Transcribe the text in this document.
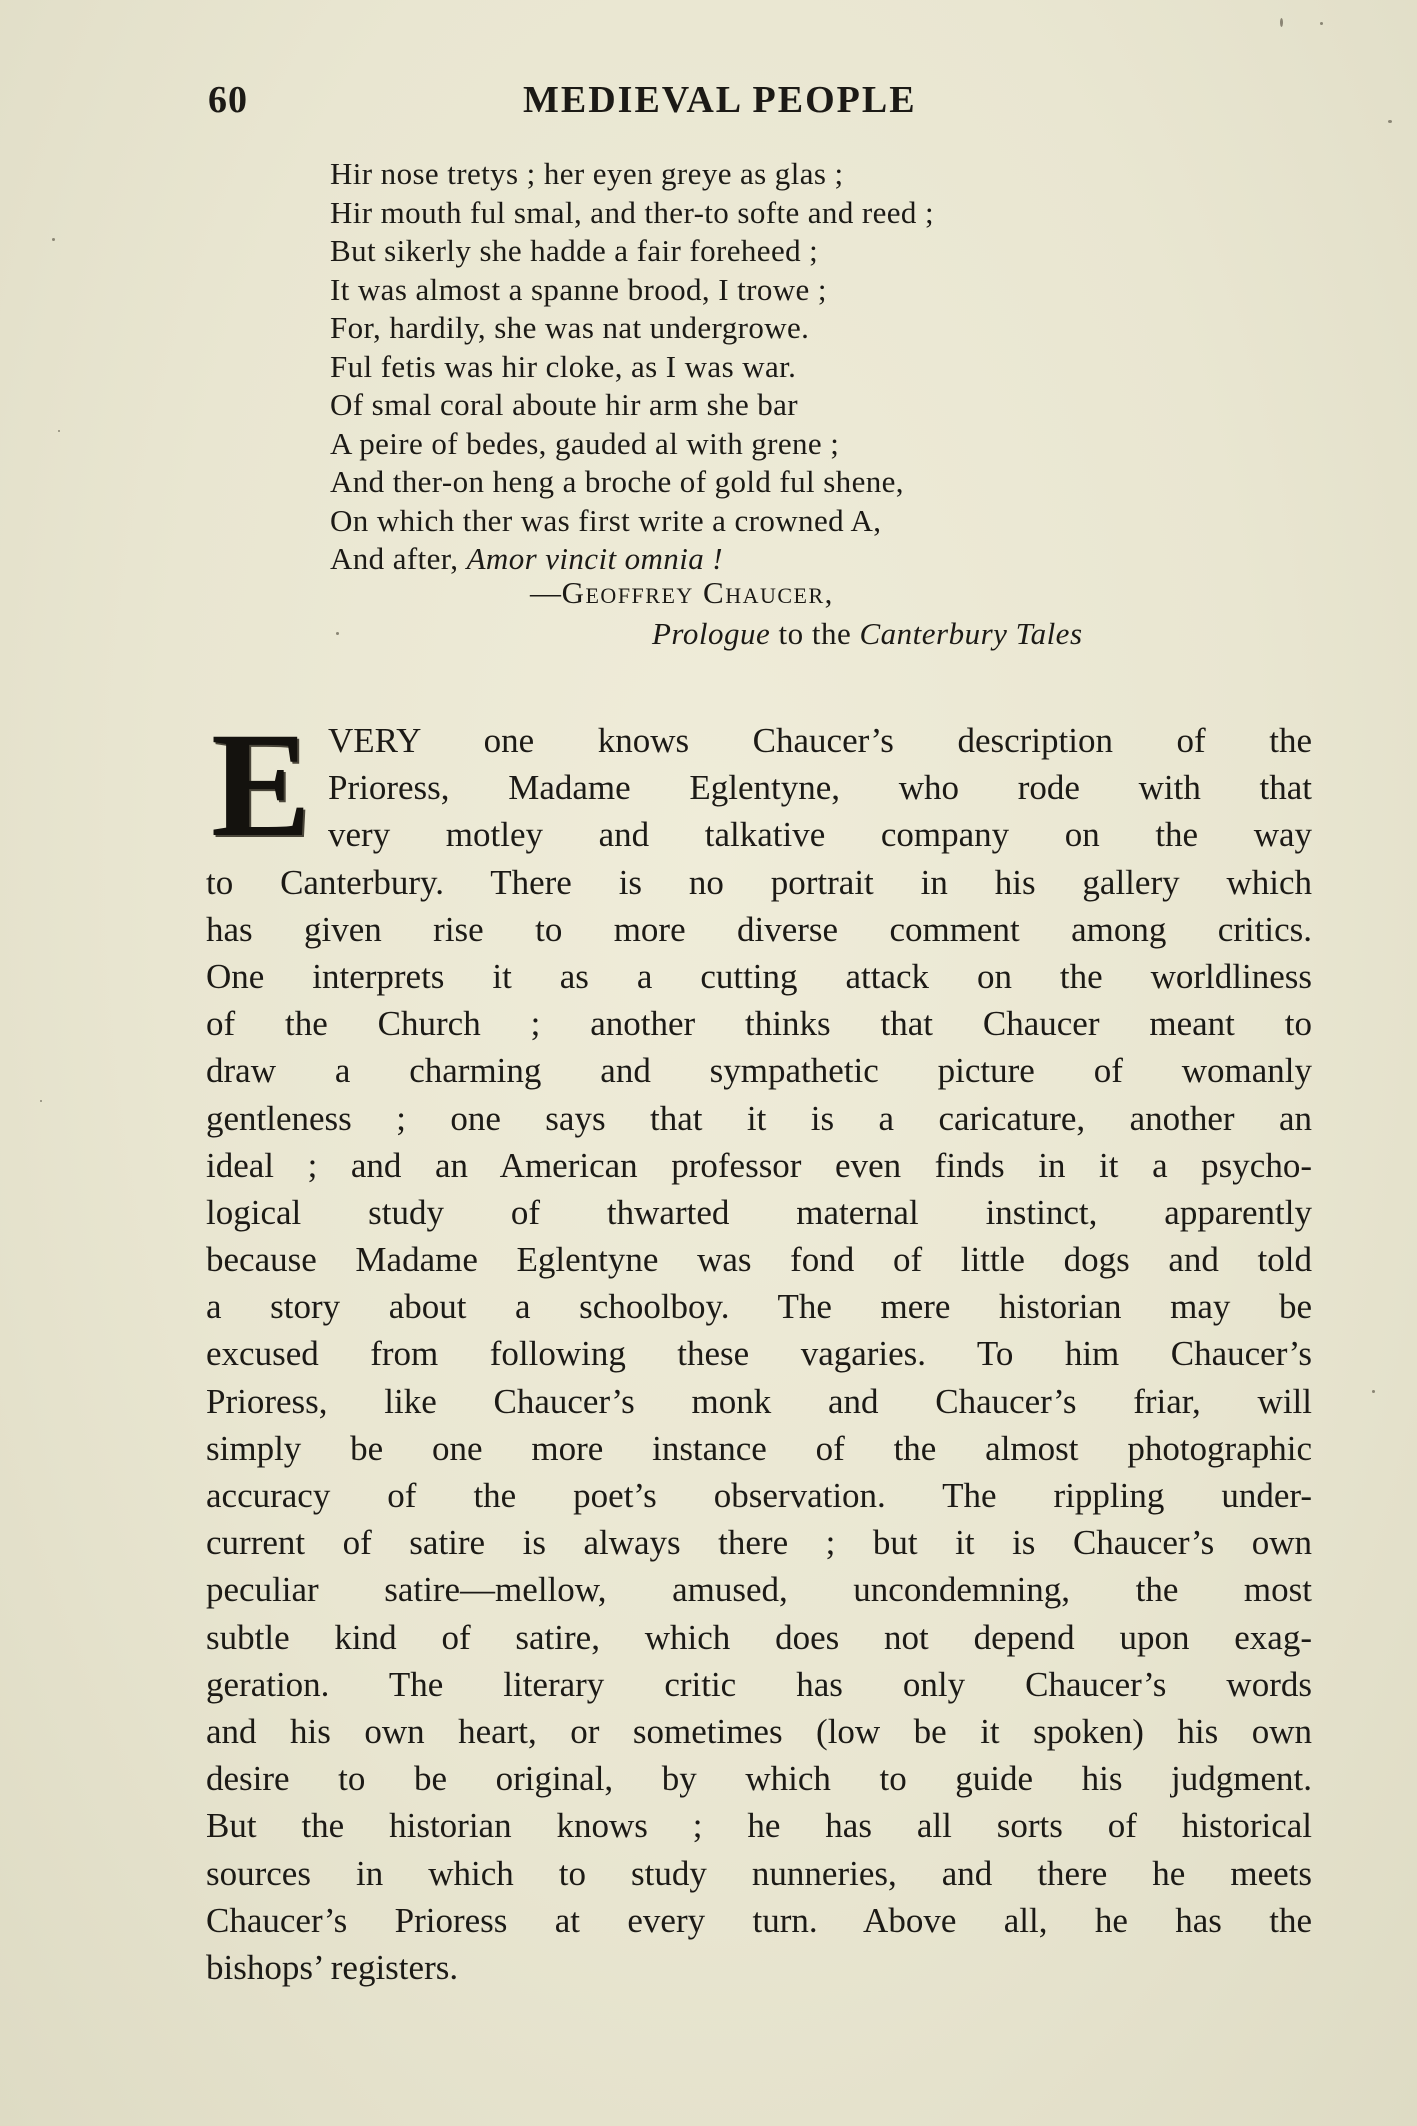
60	MEDIEVAL PEOPLE
Hir nose tretys ; her eyen greye as glas ;
Hir mouth ful smal, and ther-to softe and reed ;
But sikerly she hadde a fair foreheed ;
It was almost a spanne brood, I trowe ;
For, hardily, she was nat undergrowe.
Ful fetis was hir cloke, as I was war.
Of smal coral aboute hir arm she bar
A peire of bedes, gauded al with grene ;
And ther-on heng a broche of gold ful shene,
On which ther was first write a crowned A,
And after, Amor vincit omnia !
—Geoffrey Chaucer,
Prologue to the Canterbury Tales
E VERY one knows Chaucer’s description of the
Prioress, Madame Eglentyne, who rode with that
very motley and talkative company on the way
to Canterbury. There is no portrait in his gallery which
has given rise to more diverse comment among critics.
One interprets it as a cutting attack on the worldliness
of the Church ; another thinks that Chaucer meant to
draw a charming and sympathetic picture of womanly
gentleness ; one says that it is a caricature, another an
ideal ; and an American professor even finds in it a psycho-
logical study of thwarted maternal instinct, apparently
because Madame Eglentyne was fond of little dogs and told
a story about a schoolboy. The mere historian may be
excused from following these vagaries. To him Chaucer’s
Prioress, like Chaucer’s monk and Chaucer’s friar, will
simply be one more instance of the almost photographic
accuracy of the poet’s observation. The rippling under-
current of satire is always there ; but it is Chaucer’s own
peculiar satire—mellow, amused, uncondemning, the most
subtle kind of satire, which does not depend upon exag-
geration. The literary critic has only Chaucer’s words
and his own heart, or sometimes (low be it spoken) his own
desire to be original, by which to guide his judgment.
But the historian knows ; he has all sorts of historical
sources in which to study nunneries, and there he meets
Chaucer’s Prioress at every turn. Above all, he has the
bishops’ registers.
